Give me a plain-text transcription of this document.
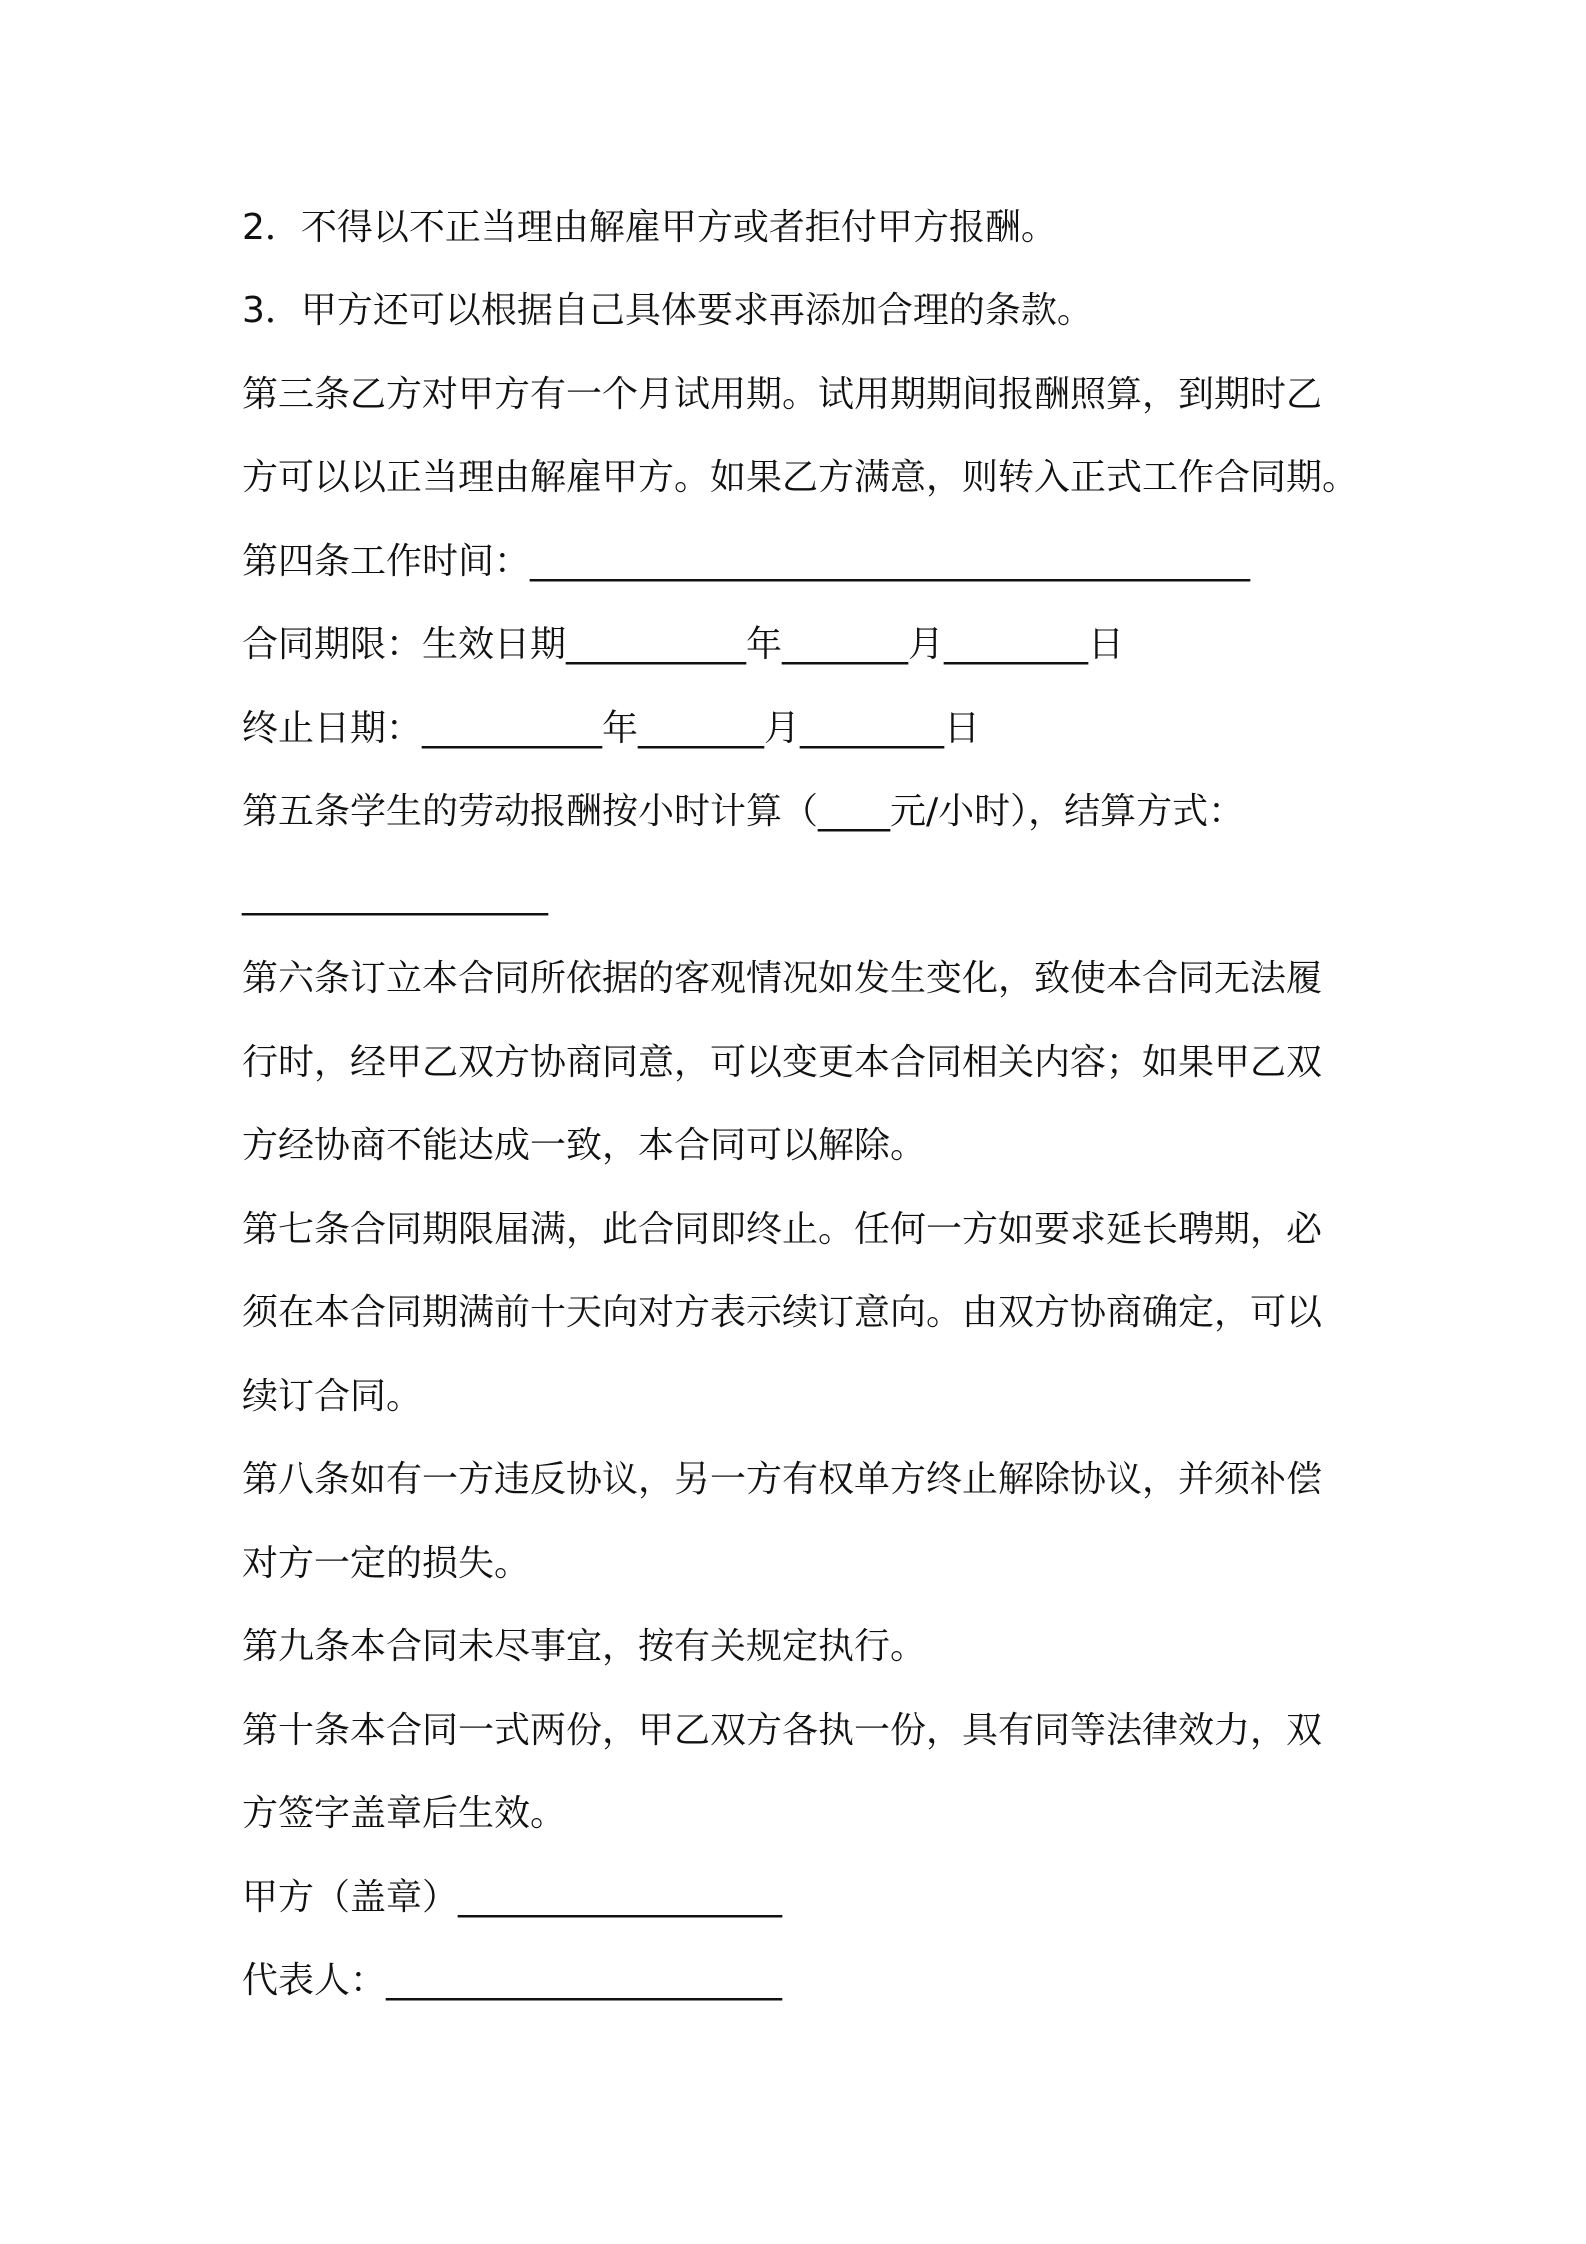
2．不得以不正当理由解雇甲方或者拒付甲方报酬。
3．甲方还可以根据自己具体要求再添加合理的条款。
第三条乙方对甲方有一个月试用期。试用期期间报酬照算，到期时乙
方可以以正当理由解雇甲方。如果乙方满意，则转入正式工作合同期。
第四条工作时间：________________________________________
合同期限：生效日期__________年_______月________日
终止日期：__________年_______月________日
第五条学生的劳动报酬按小时计算（____元/小时），结算方式：
_________________
第六条订立本合同所依据的客观情况如发生变化，致使本合同无法履
行时，经甲乙双方协商同意，可以变更本合同相关内容；如果甲乙双
方经协商不能达成一致，本合同可以解除。
第七条合同期限届满，此合同即终止。任何一方如要求延长聘期，必
须在本合同期满前十天向对方表示续订意向。由双方协商确定，可以
续订合同。
第八条如有一方违反协议，另一方有权单方终止解除协议，并须补偿
对方一定的损失。
第九条本合同未尽事宜，按有关规定执行。
第十条本合同一式两份，甲乙双方各执一份，具有同等法律效力，双
方签字盖章后生效。
甲方（盖章）__________________
代表人：______________________
